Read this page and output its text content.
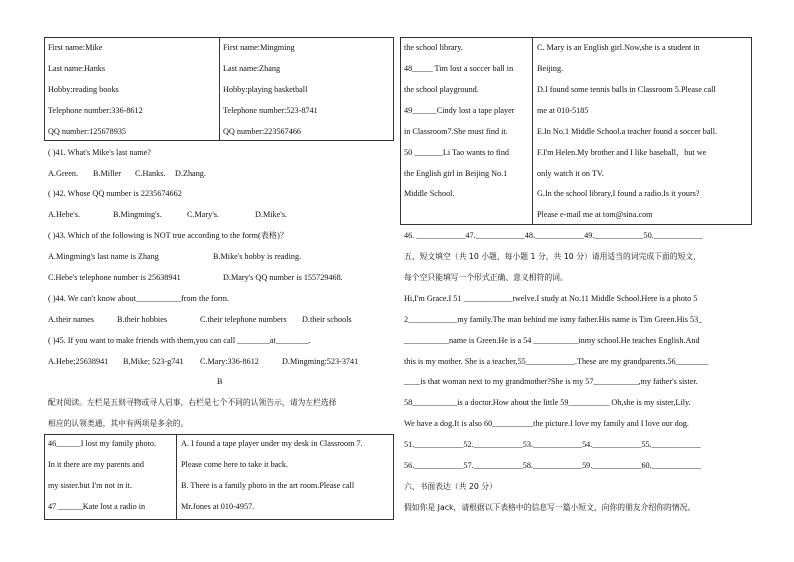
First name:Mike
Last name:Hanks
Hobby:reading books
Telephone number:336-8612
QQ number:125678935
First name:Mingming
Last name:Zhang
Hobby:playing basketball
Telephone number:523-8741
QQ number:223567466
( )41. What's Mike's last name?
A.Green. B.Miller C.Hanks. D.Zhang.
( )42. Whose QQ number is 2235674662
A.Hebe's.	B.Mingming's.	C.Mary's.	D.Mike's.
( )43. Which of the following is NOT true according to the form(表格)？
A.Mingming's last name is Zhang	B.Mike's hobby is reading.
C.Hebe's telephone number is 25638941	D.Mary's QQ number is 155729468.
( )44. We can't know about___________from the form.
A.their names	B.their hobbies	C.their telephone numbers D.their schools
( )45. If you want to make friends with them,you can call ________at________.
A.Hebe;25638941 B.Mike; 523-g741 C.Mary:336-8612	D.Mingming:523-3741
B
配对阅读。左栏是五则寻物或寻人启事，右栏是七个不同的认领告示，请为左栏选择
相应的认领类通，其中有两项是多余的。
46______I lost my family photo.
In it there are my parents and
my sister.but I'm not in it.
47 ______Kate lost a radio in
A. I found a tape player under my desk in Classroom 7.
Please come here to take it back.
B. There is a family photo in the art room.Please call
Mr.Jones at 010-4957.
the school library.
48_____ Tim lost a soccer ball in
the school playground.
49______Cindy lost a tape player
in Classroom7.She must find it.
50 _______Li Tao wants to find
the English girl in Beijing No.1
Middle School.
C. Mary is an English girl.Now,she is a student in
Beijing.
D.I found some tennis balls in Classroom 5.Please call
me at 010-5185
E.In No.1 Middle School.a teacher found a soccer ball.
F.I'm Helen.My brother and I like baseball，but we
only watch it on TV.
G.In the school library,I found a radio.Is it yours?
Please e-mail me at tom@sina.com
46. ____________47.____________48.____________49.____________50.____________
五、短文填空（共 10 小题，每小题 1 分，共 10 分）请用适当的词完成下面的短文，
每个空只能填写一个形式正确、意义相符的词。
Hi,I'm Grace.I 51 ____________twelve.I study at No.11 Middle School.Here is a photo 5
2____________my family.The man behind me ismy father.His name is Tim Green.His 53_
___________name is Green.He is a 54 ___________inmy school.He teaches English.And
this is my mother. She is a teacher,55____________.These are my grandparents.56________
____is that woman next to my grandmother?She is my 57___________,my father's sister.
58___________is a doctor.How about the little 59__________ Oh,she is my sister,Lily.
We have a dog.It is also 60__________the picture.I love my family and I love our dog.
51.____________52.____________53.____________54.____________55.____________
56.____________57.____________58.____________59.____________60.____________
六、书面表达（共 20 分）
假如你是 Jack，请根据以下表格中的信息写一篇小短文，向你的朋友介绍你的情况。
